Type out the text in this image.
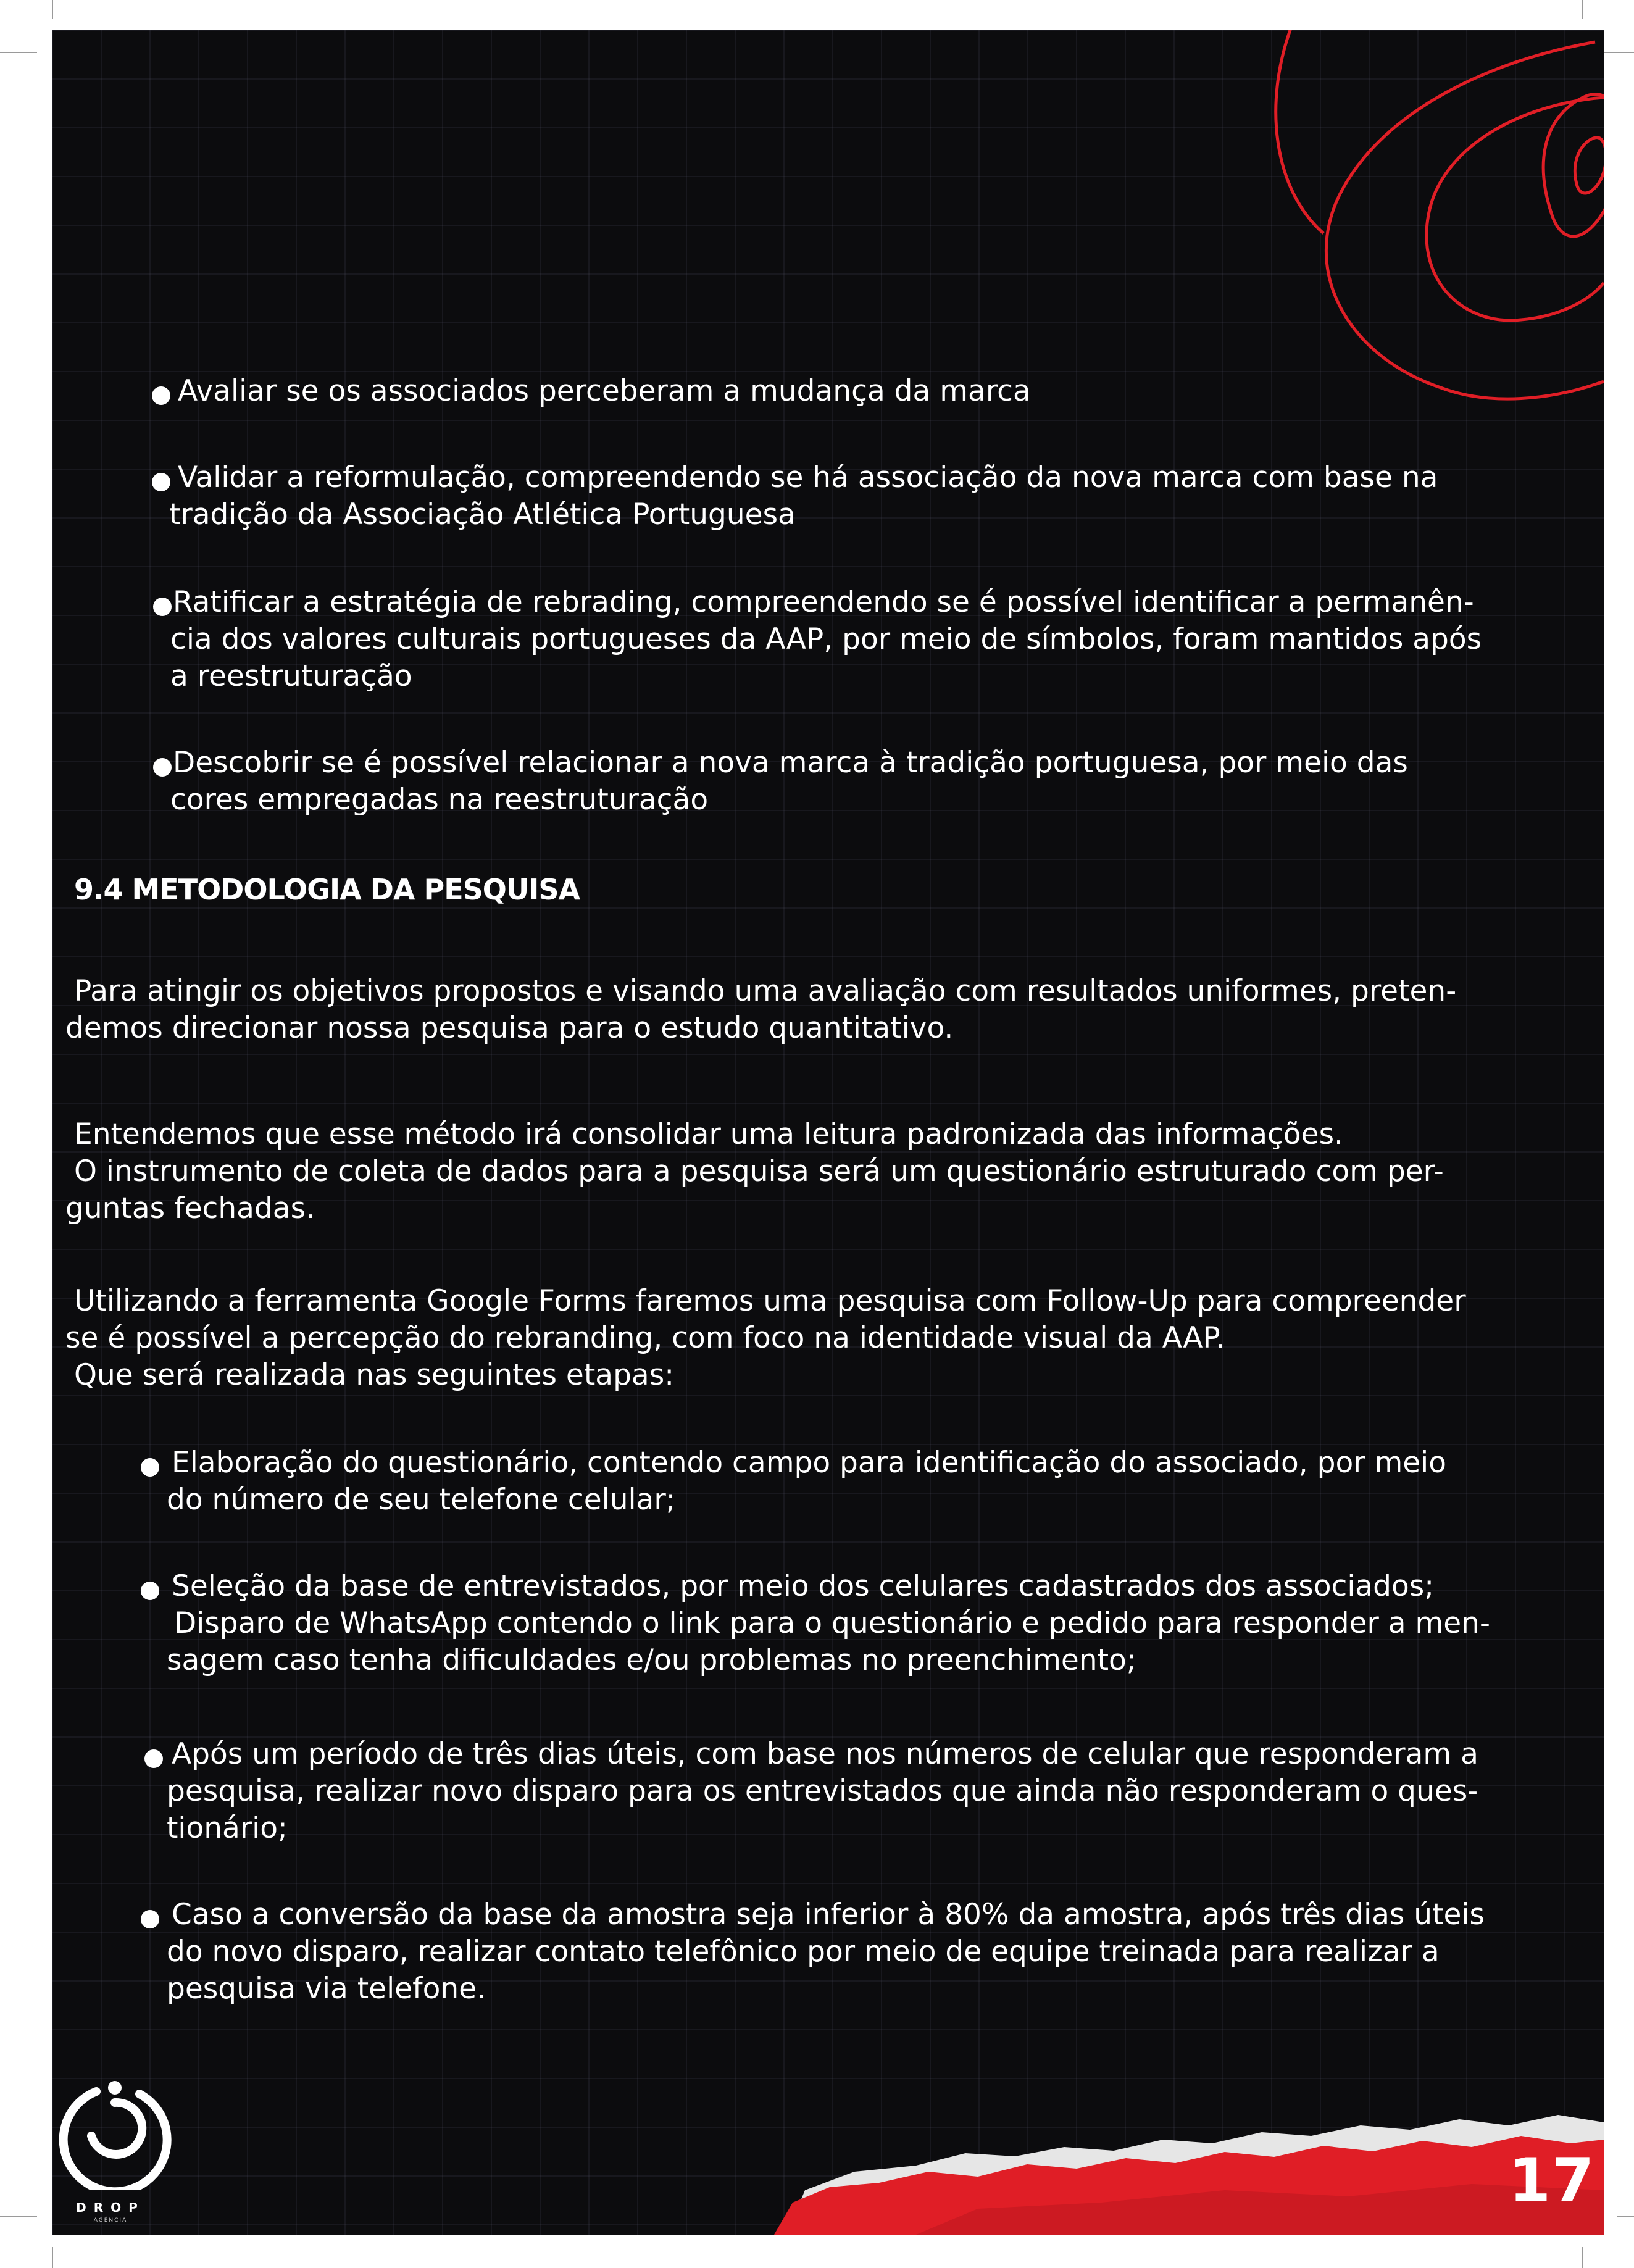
Avaliar se os associados perceberam a mudança da marca
Validar a reformulação, compreendendo se há associação da nova marca com base na
tradição da Associação Atlética Portuguesa
Ratificar a estratégia de rebrading, compreendendo se é possível identificar a permanên-
cia dos valores culturais portugueses da AAP, por meio de símbolos, foram mantidos após
a reestruturação
Descobrir se é possível relacionar a nova marca à tradição portuguesa, por meio das
cores empregadas na reestruturação
9.4 METODOLOGIA DA PESQUISA
Para atingir os objetivos propostos e visando uma avaliação com resultados uniformes, preten-
demos direcionar nossa pesquisa para o estudo quantitativo.
Entendemos que esse método irá consolidar uma leitura padronizada das informações.
O instrumento de coleta de dados para a pesquisa será um questionário estruturado com per-
guntas fechadas.
Utilizando a ferramenta Google Forms faremos uma pesquisa com Follow-Up para compreender
se é possível a percepção do rebranding, com foco na identidade visual da AAP.
Que será realizada nas seguintes etapas:
Elaboração do questionário, contendo campo para identificação do associado, por meio
do número de seu telefone celular;
Seleção da base de entrevistados, por meio dos celulares cadastrados dos associados;
Disparo de WhatsApp contendo o link para o questionário e pedido para responder a men-
sagem caso tenha dificuldades e/ou problemas no preenchimento;
Após um período de três dias úteis, com base nos números de celular que responderam a
pesquisa, realizar novo disparo para os entrevistados que ainda não responderam o ques-
tionário;
Caso a conversão da base da amostra seja inferior à 80% da amostra, após três dias úteis
do novo disparo, realizar contato telefônico por meio de equipe treinada para realizar a
pesquisa via telefone.
DROP
AGÊNCIA
17
